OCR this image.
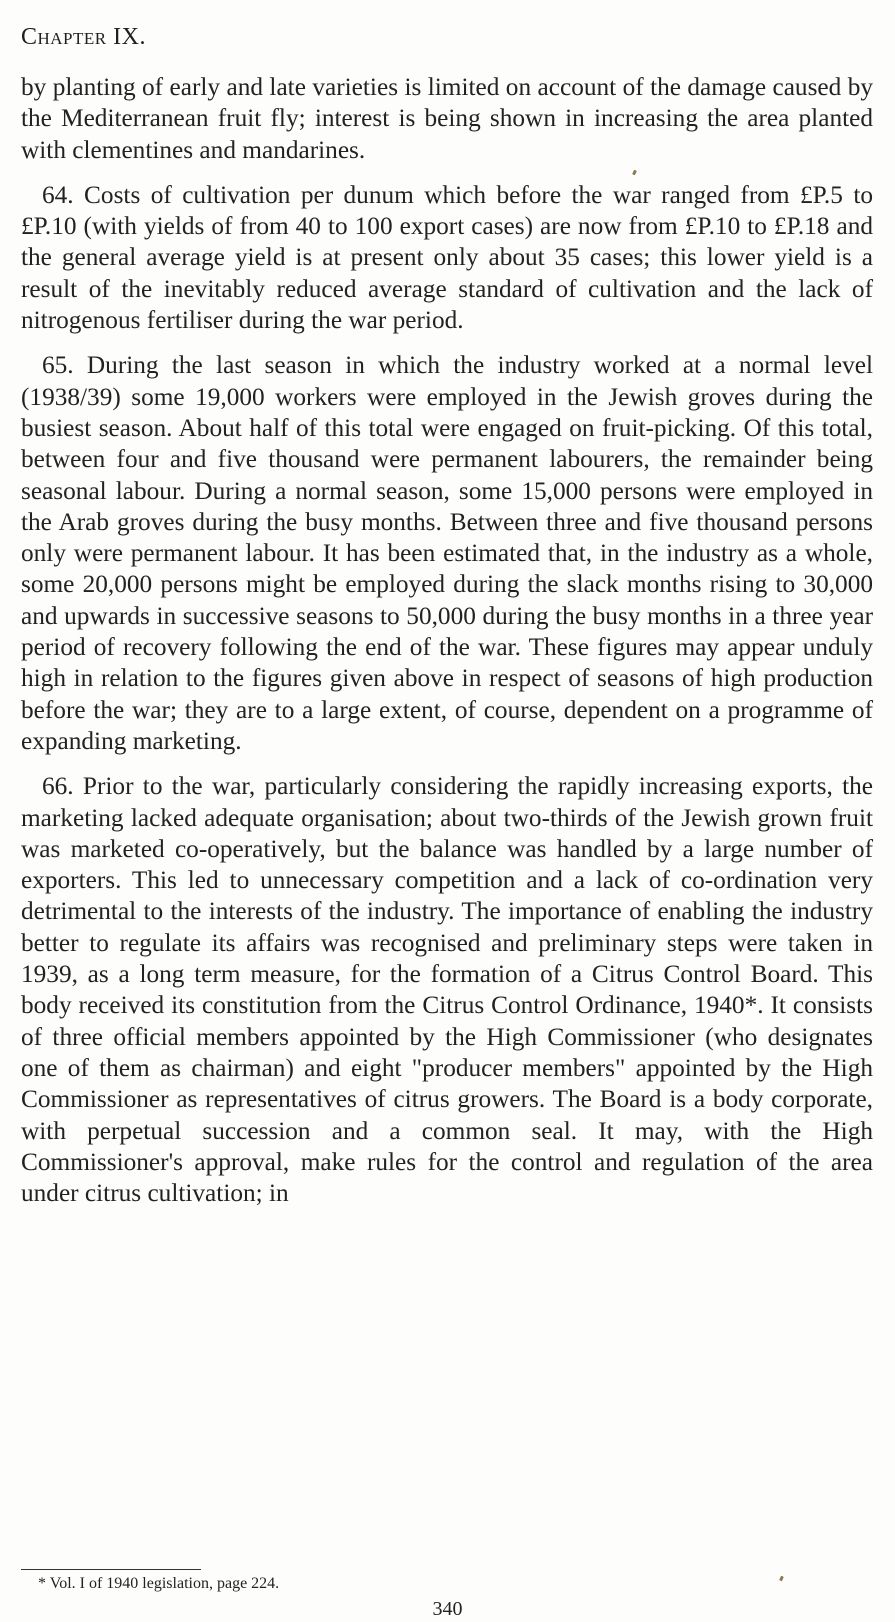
Chapter IX.

by planting of early and late varieties is limited on account of the damage caused by the Mediterranean fruit fly; interest is being shown in increasing the area planted with clementines and mandarines.

64. Costs of cultivation per dunum which before the war ranged from £P.5 to £P.10 (with yields of from 40 to 100 export cases) are now from £P.10 to £P.18 and the general average yield is at present only about 35 cases; this lower yield is a result of the inevitably reduced average standard of cultivation and the lack of nitrogenous fertiliser during the war period.

65. During the last season in which the industry worked at a normal level (1938/39) some 19,000 workers were employed in the Jewish groves during the busiest season. About half of this total were engaged on fruit-picking. Of this total, between four and five thousand were permanent labourers, the remainder being seasonal labour. During a normal season, some 15,000 persons were employed in the Arab groves during the busy months. Between three and five thousand persons only were permanent labour. It has been estimated that, in the industry as a whole, some 20,000 persons might be employed during the slack months rising to 30,000 and upwards in successive seasons to 50,000 during the busy months in a three year period of recovery following the end of the war. These figures may appear unduly high in relation to the figures given above in respect of seasons of high production before the war; they are to a large extent, of course, dependent on a programme of expanding marketing.

66. Prior to the war, particularly considering the rapidly increasing exports, the marketing lacked adequate organisation; about two-thirds of the Jewish grown fruit was marketed co-operatively, but the balance was handled by a large number of exporters. This led to unnecessary competition and a lack of co-ordination very detrimental to the interests of the industry. The importance of enabling the industry better to regulate its affairs was recognised and preliminary steps were taken in 1939, as a long term measure, for the formation of a Citrus Control Board. This body received its constitution from the Citrus Control Ordinance, 1940*. It consists of three official members appointed by the High Commissioner (who designates one of them as chairman) and eight "producer members" appointed by the High Commissioner as representatives of citrus growers. The Board is a body corporate, with perpetual succession and a common seal. It may, with the High Commissioner's approval, make rules for the control and regulation of the area under citrus cultivation; in

* Vol. I of 1940 legislation, page 224.
340
